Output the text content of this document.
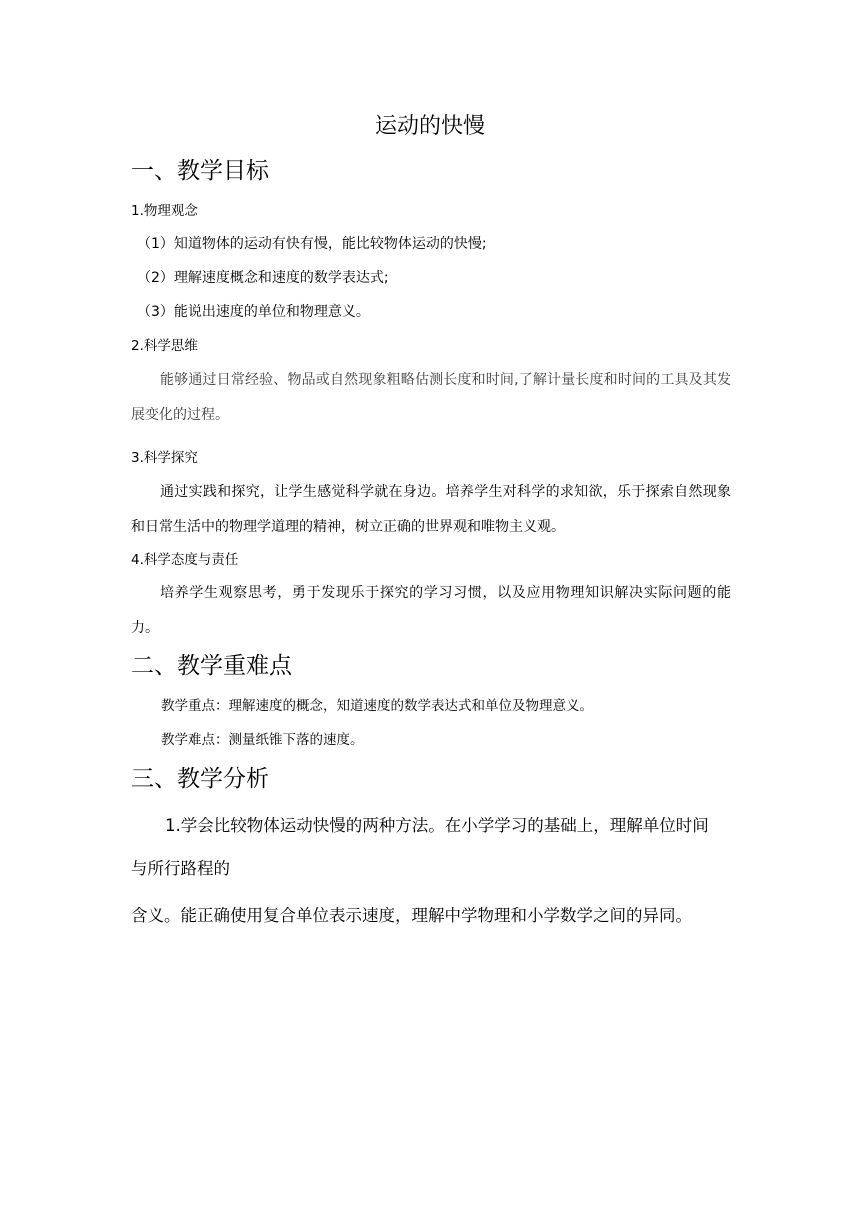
运动的快慢
一、教学目标
1.物理观念
（1）知道物体的运动有快有慢，能比较物体运动的快慢;
（2）理解速度概念和速度的数学表达式;
（3）能说出速度的单位和物理意义。
2.科学思维
能够通过日常经验、物品或自然现象粗略估测长度和时间,了解计量长度和时间的工具及其发展变化的过程。
3.科学探究
通过实践和探究，让学生感觉科学就在身边。培养学生对科学的求知欲，乐于探索自然现象和日常生活中的物理学道理的精神，树立正确的世界观和唯物主义观。
4.科学态度与责任
培养学生观察思考，勇于发现乐于探究的学习习惯，以及应用物理知识解决实际问题的能力。
二、教学重难点
教学重点：理解速度的概念，知道速度的数学表达式和单位及物理意义。
教学难点：测量纸锥下落的速度。
三、教学分析
1.学会比较物体运动快慢的两种方法。在小学学习的基础上，理解单位时间
与所行路程的
含义。能正确使用复合单位表示速度，理解中学物理和小学数学之间的异同。
